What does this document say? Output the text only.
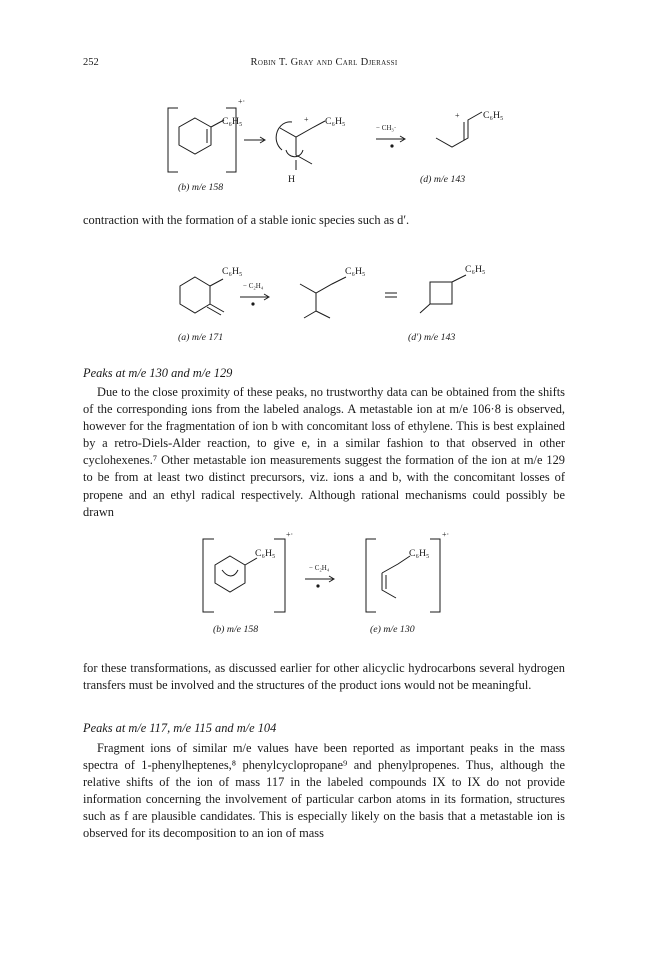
252	Robin T. Gray and Carl Djerassi
+·
C₆H₅	C₆H₅
+
H
− CH₃·
C₆H₅
+
(b) m/e 158
(d) m/e 143

contraction with the formation of a stable ionic species such as d′.

C₆H₅	C₆H₅	C₆H₅
− C₂H₄
(a) m/e 171	(d′) m/e 143
Peaks at m/e 130 and m/e 129

Due to the close proximity of these peaks, no trustworthy data can be obtained from the shifts of the corresponding ions from the labeled analogs. A metastable ion at m/e 106·8 is observed, however for the fragmentation of ion b with concomitant loss of ethylene. This is best explained by a retro-Diels-Alder reaction, to give e, in a similar fashion to that observed in other cyclohexenes.⁷ Other metastable ion measurements suggest the formation of the ion at m/e 129 to be from at least two distinct precursors, viz. ions a and b, with the concomitant losses of propene and an ethyl radical respectively. Although rational mechanisms could possibly be drawn

+·	+·
C₆H₅	C₆H₅
− C₂H₄
(b) m/e 158	(e) m/e 130

for these transformations, as discussed earlier for other alicyclic hydrocarbons several hydrogen transfers must be involved and the structures of the product ions would not be meaningful.

Peaks at m/e 117, m/e 115 and m/e 104

Fragment ions of similar m/e values have been reported as important peaks in the mass spectra of 1-phenylheptenes,⁸ phenylcyclopropane⁹ and phenylpropenes. Thus, although the relative shifts of the ion of mass 117 in the labeled compounds IX to IX do not provide information concerning the involvement of particular carbon atoms in its formation, structures such as f are plausible candidates. This is especially likely on the basis that a metastable ion is observed for its decomposition to an ion of mass
